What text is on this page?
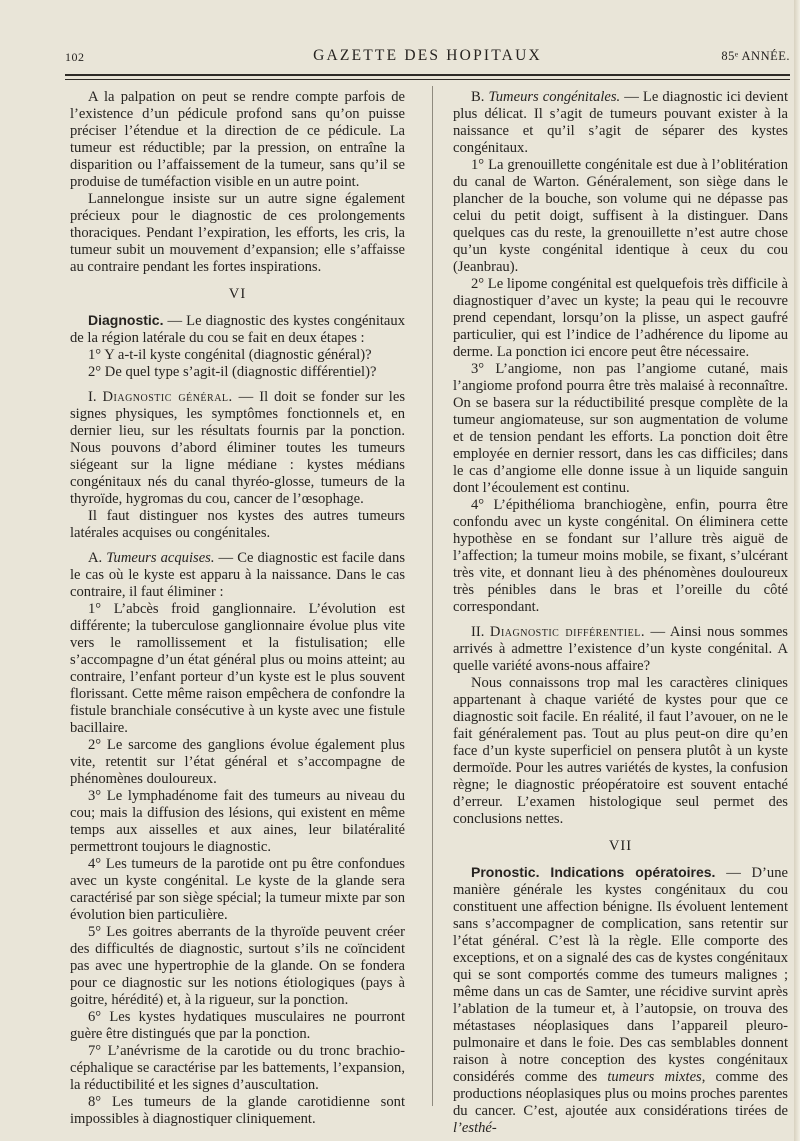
102	GAZETTE DES HOPITAUX	85ᵉ ANNÉE.

A la palpation on peut se rendre compte parfois de l’existence d’un pédicule profond sans qu’on puisse préciser l’étendue et la direction de ce pédicule. La tumeur est réductible; par la pression, on entraîne la disparition ou l’affaissement de la tumeur, sans qu’il se produise de tuméfaction visible en un autre point.

Lannelongue insiste sur un autre signe également précieux pour le diagnostic de ces prolongements thoraciques. Pendant l’expiration, les efforts, les cris, la tumeur subit un mouvement d’expansion; elle s’affaisse au contraire pendant les fortes inspirations.

VI

Diagnostic. — Le diagnostic des kystes congénitaux de la région latérale du cou se fait en deux étapes :

1° Y a-t-il kyste congénital (diagnostic général)?

2° De quel type s’agit-il (diagnostic différentiel)?

I. Diagnostic général. — Il doit se fonder sur les signes physiques, les symptômes fonctionnels et, en dernier lieu, sur les résultats fournis par la ponction. Nous pouvons d’abord éliminer toutes les tumeurs siégeant sur la ligne médiane : kystes médians congénitaux nés du canal thyréo-glosse, tumeurs de la thyroïde, hygromas du cou, cancer de l’œsophage.

Il faut distinguer nos kystes des autres tumeurs latérales acquises ou congénitales.

A. Tumeurs acquises. — Ce diagnostic est facile dans le cas où le kyste est apparu à la naissance. Dans le cas contraire, il faut éliminer :

1° L’abcès froid ganglionnaire. L’évolution est différente; la tuberculose ganglionnaire évolue plus vite vers le ramollissement et la fistulisation; elle s’accompagne d’un état général plus ou moins atteint; au contraire, l’enfant porteur d’un kyste est le plus souvent florissant. Cette même raison empêchera de confondre la fistule branchiale consécutive à un kyste avec une fistule bacillaire.

2° Le sarcome des ganglions évolue également plus vite, retentit sur l’état général et s’accompagne de phénomènes douloureux.

3° Le lymphadénome fait des tumeurs au niveau du cou; mais la diffusion des lésions, qui existent en même temps aux aisselles et aux aines, leur bilatéralité permettront toujours le diagnostic.

4° Les tumeurs de la parotide ont pu être confondues avec un kyste congénital. Le kyste de la glande sera caractérisé par son siège spécial; la tumeur mixte par son évolution bien particulière.

5° Les goitres aberrants de la thyroïde peuvent créer des difficultés de diagnostic, surtout s’ils ne coïncident pas avec une hypertrophie de la glande. On se fondera pour ce diagnostic sur les notions étiologiques (pays à goitre, hérédité) et, à la rigueur, sur la ponction.

6° Les kystes hydatiques musculaires ne pourront guère être distingués que par la ponction.

7° L’anévrisme de la carotide ou du tronc brachio-céphalique se caractérise par les battements, l’expansion, la réductibilité et les signes d’auscultation.

8° Les tumeurs de la glande carotidienne sont impossibles à diagnostiquer cliniquement.

B. Tumeurs congénitales. — Le diagnostic ici devient plus délicat. Il s’agit de tumeurs pouvant exister à la naissance et qu’il s’agit de séparer des kystes congénitaux.

1° La grenouillette congénitale est due à l’oblitération du canal de Warton. Généralement, son siège dans le plancher de la bouche, son volume qui ne dépasse pas celui du petit doigt, suffisent à la distinguer. Dans quelques cas du reste, la grenouillette n’est autre chose qu’un kyste congénital identique à ceux du cou (Jeanbrau).

2° Le lipome congénital est quelquefois très difficile à diagnostiquer d’avec un kyste; la peau qui le recouvre prend cependant, lorsqu’on la plisse, un aspect gaufré particulier, qui est l’indice de l’adhérence du lipome au derme. La ponction ici encore peut être nécessaire.

3° L’angiome, non pas l’angiome cutané, mais l’angiome profond pourra être très malaisé à reconnaître. On se basera sur la réductibilité presque complète de la tumeur angiomateuse, sur son augmentation de volume et de tension pendant les efforts. La ponction doit être employée en dernier ressort, dans les cas difficiles; dans le cas d’angiome elle donne issue à un liquide sanguin dont l’écoulement est continu.

4° L’épithélioma branchiogène, enfin, pourra être confondu avec un kyste congénital. On éliminera cette hypothèse en se fondant sur l’allure très aiguë de l’affection; la tumeur moins mobile, se fixant, s’ulcérant très vite, et donnant lieu à des phénomènes douloureux très pénibles dans le bras et l’oreille du côté correspondant.

II. Diagnostic différentiel. — Ainsi nous sommes arrivés à admettre l’existence d’un kyste congénital. A quelle variété avons-nous affaire?

Nous connaissons trop mal les caractères cliniques appartenant à chaque variété de kystes pour que ce diagnostic soit facile. En réalité, il faut l’avouer, on ne le fait généralement pas. Tout au plus peut-on dire qu’en face d’un kyste superficiel on pensera plutôt à un kyste dermoïde. Pour les autres variétés de kystes, la confusion règne; le diagnostic préopératoire est souvent entaché d’erreur. L’examen histologique seul permet des conclusions nettes.

VII

Pronostic. Indications opératoires. — D’une manière générale les kystes congénitaux du cou constituent une affection bénigne. Ils évoluent lentement sans s’accompagner de complication, sans retentir sur l’état général. C’est là la règle. Elle comporte des exceptions, et on a signalé des cas de kystes congénitaux qui se sont comportés comme des tumeurs malignes ; même dans un cas de Samter, une récidive survint après l’ablation de la tumeur et, à l’autopsie, on trouva des métastases néoplasiques dans l’appareil pleuro-pulmonaire et dans le foie. Des cas semblables donnent raison à notre conception des kystes congénitaux considérés comme des tumeurs mixtes, comme des productions néoplasiques plus ou moins proches parentes du cancer. C’est, ajoutée aux considérations tirées de l’esthé-
